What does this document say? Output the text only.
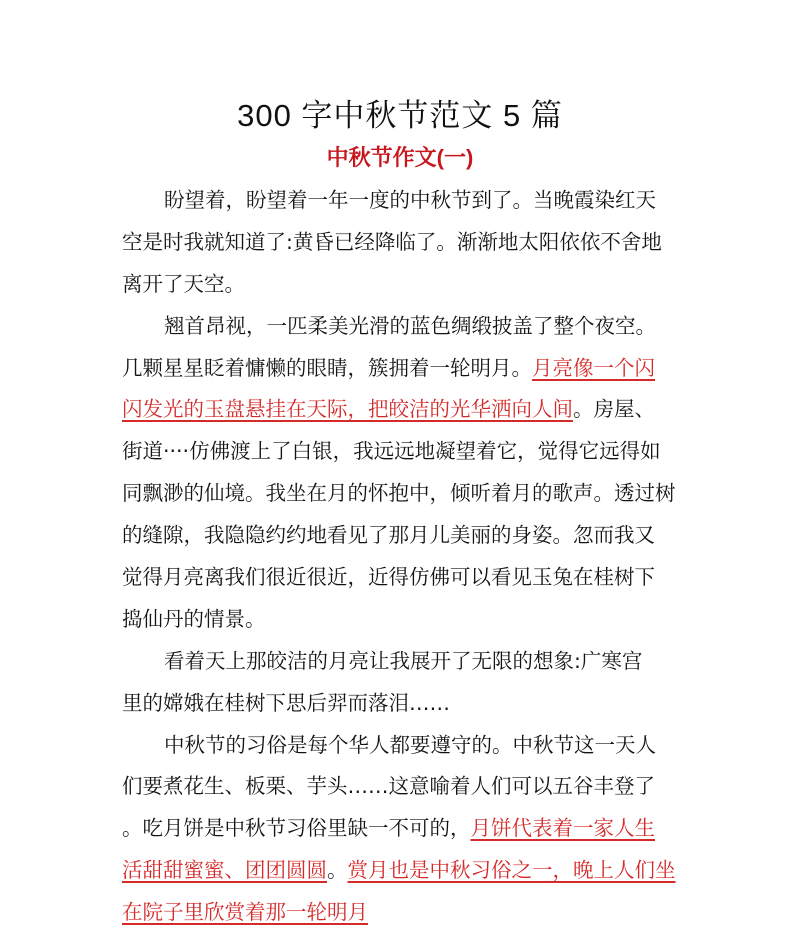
300 字中秋节范文 5 篇
中秋节作文(一)
盼望着，盼望着一年一度的中秋节到了。当晚霞染红天
空是时我就知道了:黄昏已经降临了。渐渐地太阳依依不舍地
离开了天空。
翘首昂视，一匹柔美光滑的蓝色绸缎披盖了整个夜空。
几颗星星眨着慵懒的眼睛，簇拥着一轮明月。月亮像一个闪
闪发光的玉盘悬挂在天际，把皎洁的光华洒向人间。房屋、
街道····仿佛渡上了白银，我远远地凝望着它，觉得它远得如
同飘渺的仙境。我坐在月的怀抱中，倾听着月的歌声。透过树
的缝隙，我隐隐约约地看见了那月儿美丽的身姿。忽而我又
觉得月亮离我们很近很近，近得仿佛可以看见玉兔在桂树下
捣仙丹的情景。
看着天上那皎洁的月亮让我展开了无限的想象:广寒宫
里的嫦娥在桂树下思后羿而落泪……
中秋节的习俗是每个华人都要遵守的。中秋节这一天人
们要煮花生、板栗、芋头……这意喻着人们可以五谷丰登了
。吃月饼是中秋节习俗里缺一不可的，月饼代表着一家人生
活甜甜蜜蜜、团团圆圆。赏月也是中秋习俗之一，晚上人们坐
在院子里欣赏着那一轮明月
